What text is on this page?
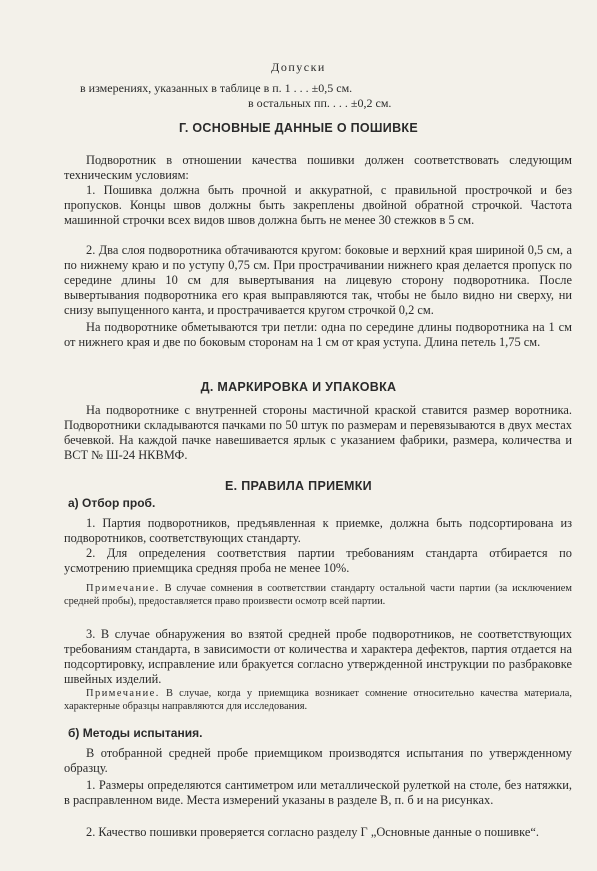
Допуски
в измерениях, указанных в таблице в п. 1 . . . ±0,5 см.
в остальных пп. . . . ±0,2 см.
Г. ОСНОВНЫЕ ДАННЫЕ О ПОШИВКЕ
Подворотник в отношении качества пошивки должен соответствовать следующим техническим условиям:
1. Пошивка должна быть прочной и аккуратной, с правильной прострочкой и без пропусков. Концы швов должны быть закреплены двойной обратной строчкой. Частота машинной строчки всех видов швов должна быть не менее 30 стежков в 5 см.
2. Два слоя подворотника обтачиваются кругом: боковые и верхний края шириной 0,5 см, а по нижнему краю и по уступу 0,75 см. При прострачивании нижнего края делается пропуск по середине длины 10 см для вывертывания на лицевую сторону подворотника. После вывертывания подворотника его края выправляются так, чтобы не было видно ни сверху, ни снизу выпущенного канта, и прострачивается кругом строчкой 0,2 см.
На подворотнике обметываются три петли: одна по середине длины подворотника на 1 см от нижнего края и две по боковым сторонам на 1 см от края уступа. Длина петель 1,75 см.
Д. МАРКИРОВКА И УПАКОВКА
На подворотнике с внутренней стороны мастичной краской ставится размер воротника. Подворотники складываются пачками по 50 штук по размерам и перевязываются в двух местах бечевкой. На каждой пачке навешивается ярлык с указанием фабрики, размера, количества и ВСТ № Ш-24 НКВМФ.
Е. ПРАВИЛА ПРИЕМКИ
а) Отбор проб.
1. Партия подворотников, предъявленная к приемке, должна быть подсортирована из подворотников, соответствующих стандарту.
2. Для определения соответствия партии требованиям стандарта отбирается по усмотрению приемщика средняя проба не менее 10%.
Примечание. В случае сомнения в соответствии стандарту остальной части партии (за исключением средней пробы), предоставляется право произвести осмотр всей партии.
3. В случае обнаружения во взятой средней пробе подворотников, не соответствующих требованиям стандарта, в зависимости от количества и характера дефектов, партия отдается на подсортировку, исправление или бракуется согласно утвержденной инструкции по разбраковке швейных изделий.
Примечание. В случае, когда у приемщика возникает сомнение относительно качества материала, характерные образцы направляются для исследования.
б) Методы испытания.
В отобранной средней пробе приемщиком производятся испытания по утвержденному образцу.
1. Размеры определяются сантиметром или металлической рулеткой на столе, без натяжки, в расправленном виде. Места измерений указаны в разделе В, п. б и на рисунках.
2. Качество пошивки проверяется согласно разделу Г „Основные данные о пошивке“.
